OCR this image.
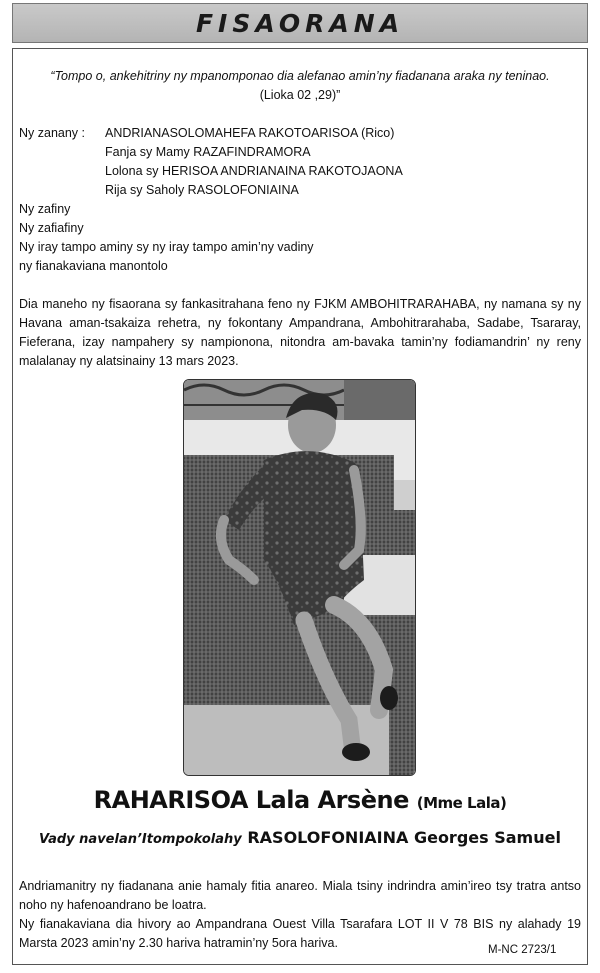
FISAORANA
“Tompo o, ankehitriny ny mpanomponao dia alefanao amin’ny fiadanana araka ny teninao.
(Lioka 02 ,29)”
Ny zanany : ANDRIANASOLOMAHEFA RAKOTOARISOA (Rico)
Fanja sy Mamy RAZAFINDRAMORA
Lolona sy HERISOA ANDRIANAINA RAKOTOJAONA
Rija sy Saholy RASOLOFONIAINA
Ny zafiny
Ny zafiafiny
Ny iray tampo aminy sy ny iray tampo amin’ny vadiny
ny fianakaviana manontolo
Dia maneho ny fisaorana sy fankasitrahana feno ny FJKM AMBOHITRARAHABA, ny namana sy ny Havana aman-tsakaiza rehetra, ny fokontany Ampandrana, Ambohitrarahaba, Sadabe, Tsararay, Fieferana, izay nampahery sy nampionona, nitondra am-bavaka tamin’ny fodiamandrin’ ny reny malalanay ny alatsinainy 13 mars 2023.
RAHARISOA Lala Arsène (Mme Lala)
Vady navelan’Itompokolahy RASOLOFONIAINA Georges Samuel
Andriamanitry ny fiadanana anie hamaly fitia anareo. Miala tsiny indrindra amin’ireo tsy tratra antso noho ny hafenoandrano be loatra.
Ny fianakaviana dia hivory ao Ampandrana Ouest Villa Tsarafara LOT II V 78 BIS ny alahady 19 Marsta 2023 amin’ny 2.30 hariva hatramin’ny 5ora hariva.	M-NC 2723/1
